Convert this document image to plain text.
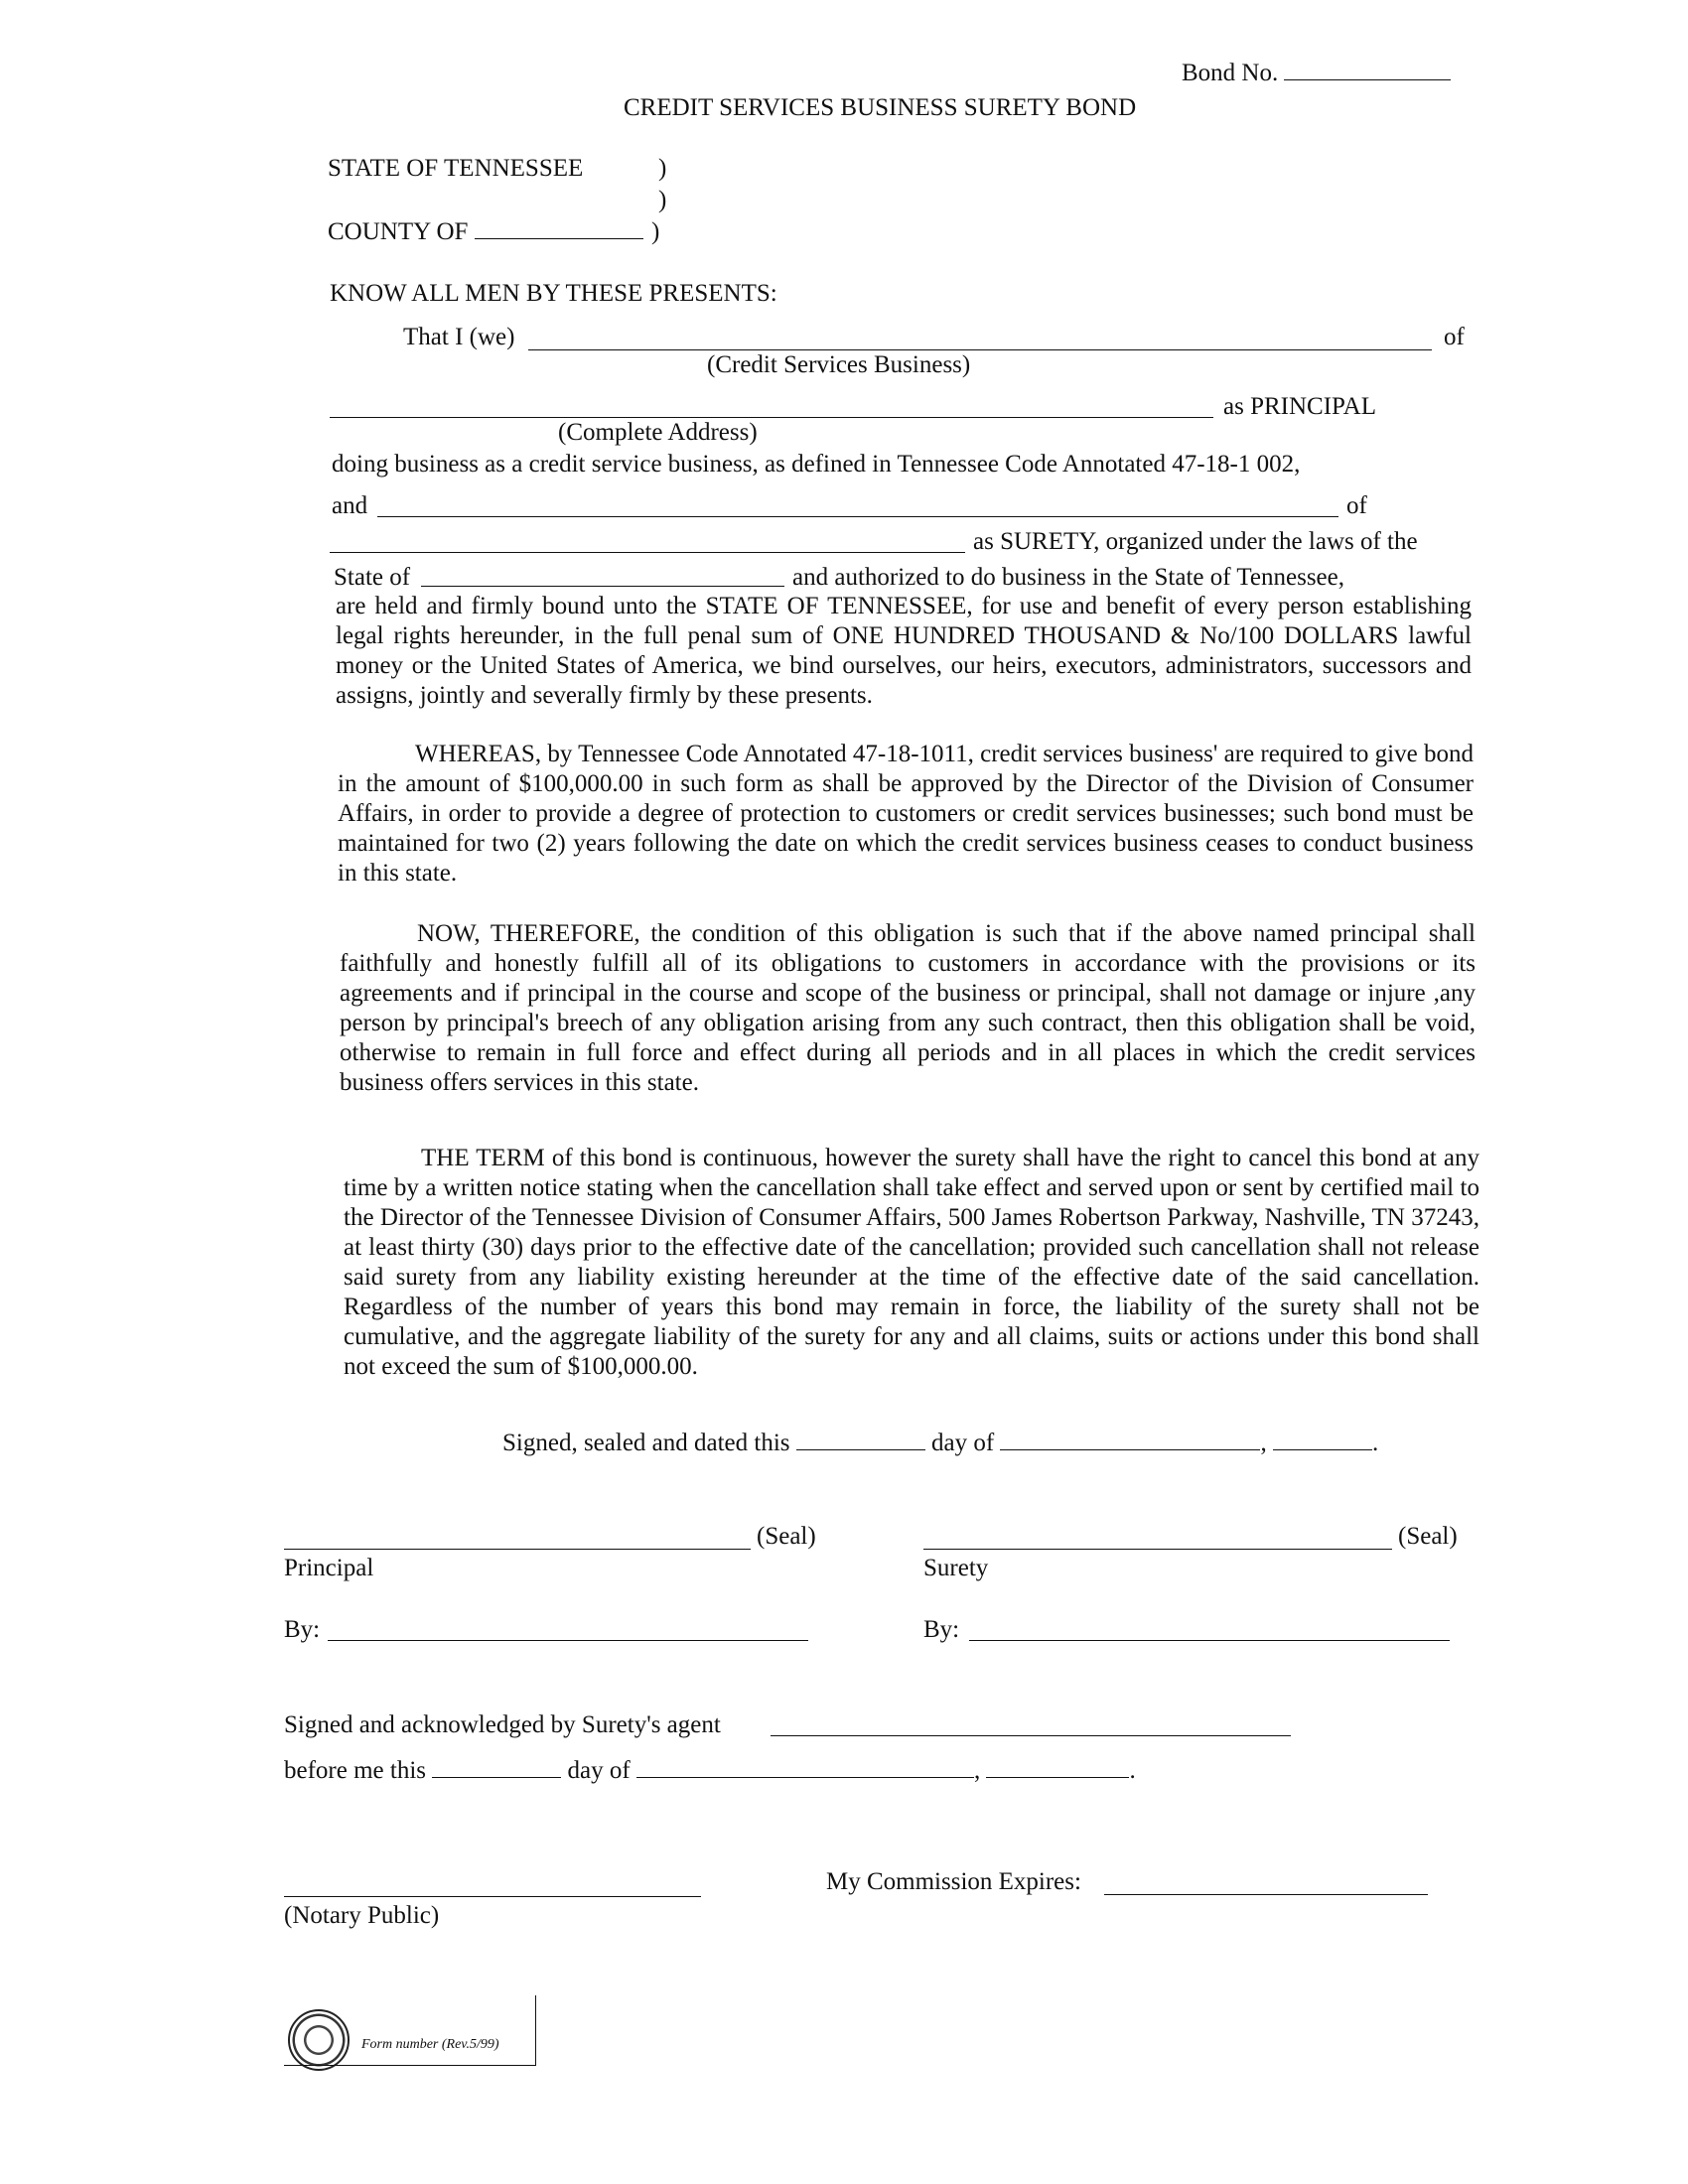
Bond No.
CREDIT SERVICES BUSINESS SURETY BOND
STATE OF TENNESSEE	)
)
COUNTY OF	)
KNOW ALL MEN BY THESE PRESENTS:
That I (we)	of
(Credit Services Business)
as PRINCIPAL
(Complete Address)
doing business as a credit service business, as defined in Tennessee Code Annotated 47-18-1 002,
and	of
as SURETY, organized under the laws of the
State of	and authorized to do business in the State of Tennessee,

are held and firmly bound unto the STATE OF TENNESSEE, for use and benefit of every person establishing legal rights hereunder, in the full penal sum of ONE HUNDRED THOUSAND & No/100 DOLLARS lawful money or the United States of America, we bind ourselves, our heirs, executors, administrators, successors and assigns, jointly and severally firmly by these presents.

WHEREAS, by Tennessee Code Annotated 47-18-1011, credit services business' are required to give bond in the amount of $100,000.00 in such form as shall be approved by the Director of the Division of Consumer Affairs, in order to provide a degree of protection to customers or credit services businesses; such bond must be maintained for two (2) years following the date on which the credit services business ceases to conduct business in this state.

NOW, THEREFORE, the condition of this obligation is such that if the above named principal shall faithfully and honestly fulfill all of its obligations to customers in accordance with the provisions or its agreements and if principal in the course and scope of the business or principal, shall not damage or injure ,any person by principal's breech of any obligation arising from any such contract, then this obligation shall be void, otherwise to remain in full force and effect during all periods and in all places in which the credit services business offers services in this state.

THE TERM of this bond is continuous, however the surety shall have the right to cancel this bond at any time by a written notice stating when the cancellation shall take effect and served upon or sent by certified mail to the Director of the Tennessee Division of Consumer Affairs, 500 James Robertson Parkway, Nashville, TN 37243, at least thirty (30) days prior to the effective date of the cancellation; provided such cancellation shall not release said surety from any liability existing hereunder at the time of the effective date of the said cancellation. Regardless of the number of years this bond may remain in force, the liability of the surety shall not be cumulative, and the aggregate liability of the surety for any and all claims, suits or actions under this bond shall not exceed the sum of $100,000.00.

Signed, sealed and dated this	day of	,	.
(Seal)
Principal
(Seal)
Surety
By:	By:
Signed and acknowledged by Surety's agent
before me this	day of	,	.
(Notary Public)
My Commission Expires:
Form number (Rev.5/99)
